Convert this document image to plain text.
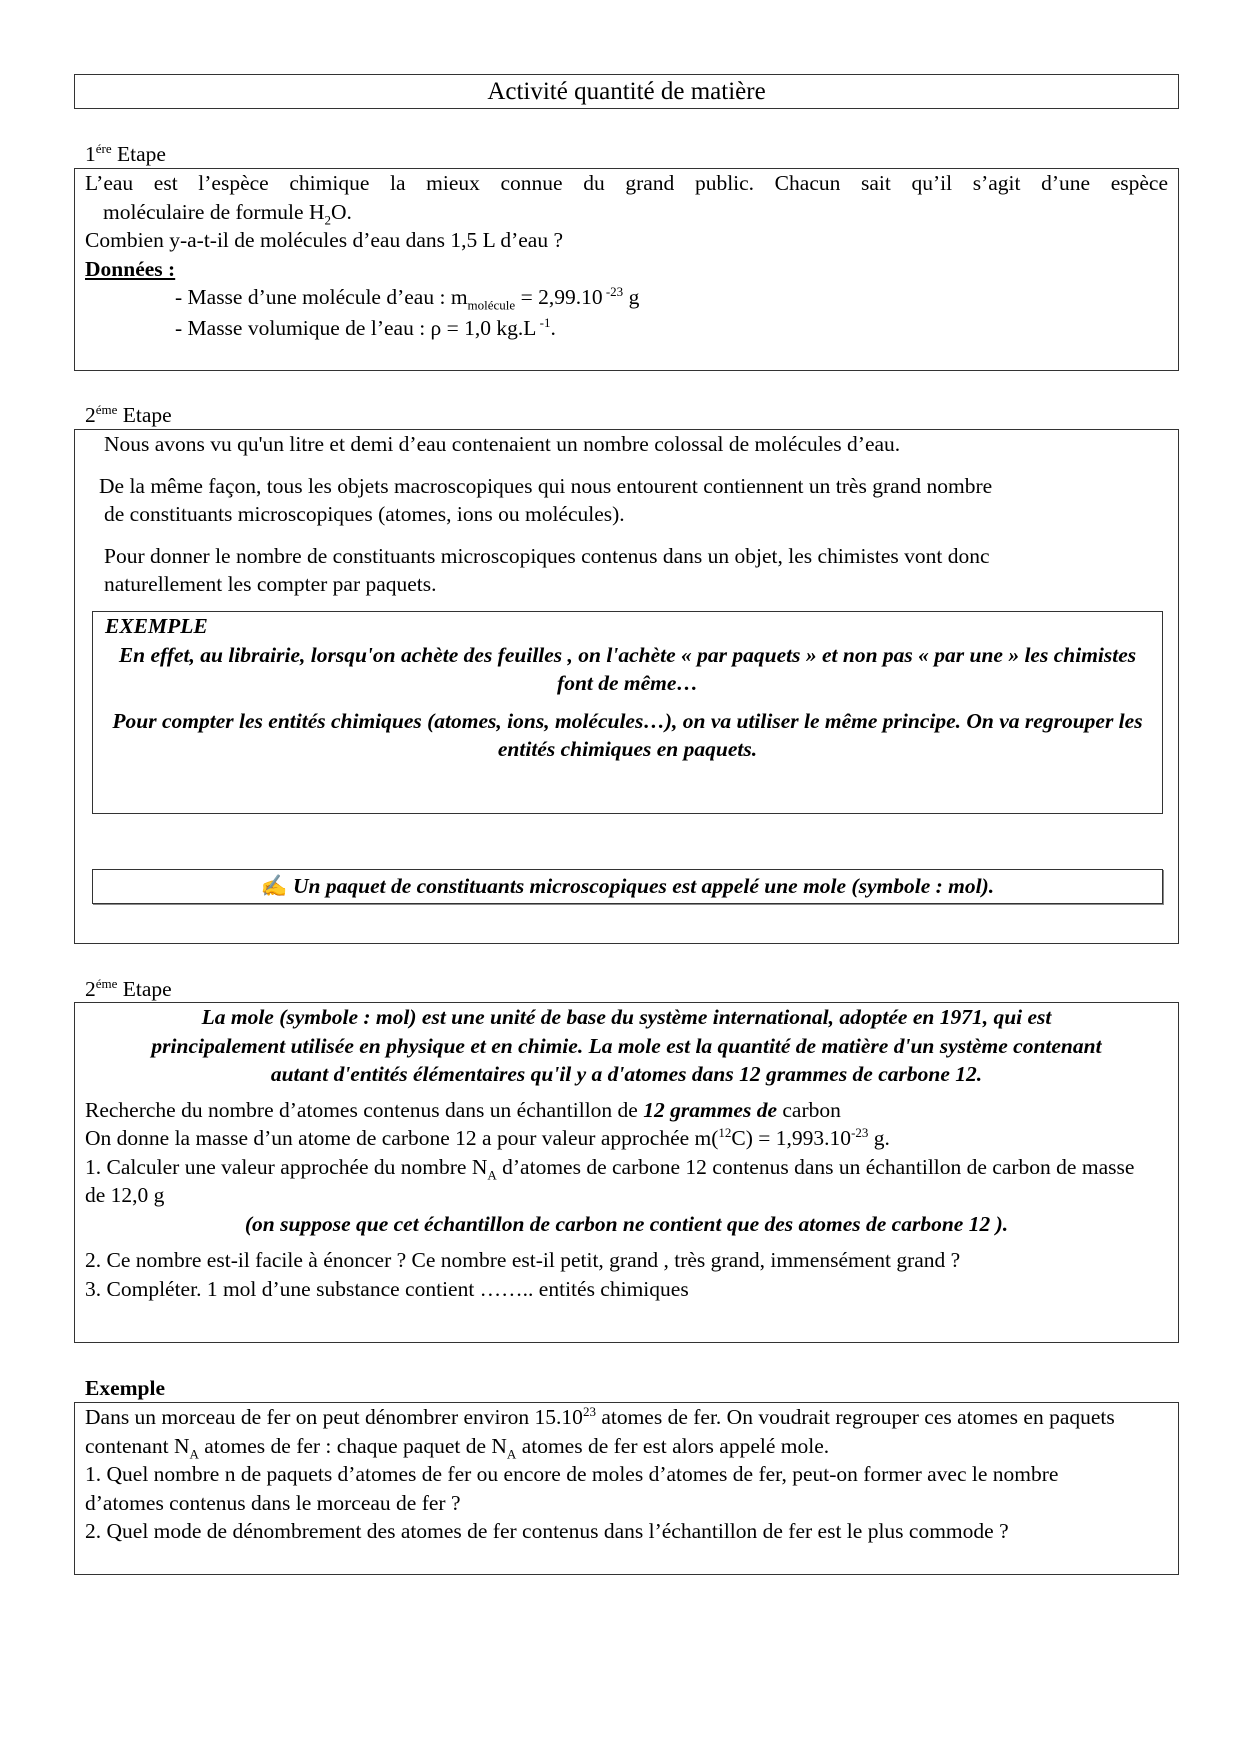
Activité quantité de matière
$1^{ére}$ Etape

L’eau est l’espèce chimique la mieux connue du grand public. Chacun sait qu’il s’agit d’une espèce

moléculaire de formule $H_2O$.

Combien y-a-t-il de molécules d’eau dans 1,5 L d’eau ?

Données :

- Masse d’une molécule d’eau : $m_{molécule} = 2,99.10$ $^{-23}$ g

- Masse volumique de l’eau : ρ = 1,0 kg.L $^{-1}$.

$2^{éme}$ Etape

Nous avons vu qu'un litre et demi d’eau contenaient un nombre colossal de molécules d’eau.

De la même façon, tous les objets macroscopiques qui nous entourent contiennent un très grand nombre

de constituants microscopiques (atomes, ions ou molécules).

Pour donner le nombre de constituants microscopiques contenus dans un objet, les chimistes vont donc

naturellement les compter par paquets.

EXEMPLE

En effet, au librairie, lorsqu'on achète des feuilles , on l'achète « par paquets » et non pas « par une » les chimistes font de même…

Pour compter les entités chimiques (atomes, ions, molécules…), on va utiliser le même principe. On va regrouper les entités chimiques en paquets.

✍ Un paquet de constituants microscopiques est appelé une mole (symbole : mol).
$2^{éme}$ Etape

La mole (symbole : mol) est une unité de base du système international, adoptée en 1971, qui est principalement utilisée en physique et en chimie. La mole est la quantité de matière d'un système contenant autant d'entités élémentaires qu'il y a d'atomes dans 12 grammes de carbone 12.

Recherche du nombre d’atomes contenus dans un échantillon de 12 grammes de carbon

On donne la masse d’un atome de carbone 12 a pour valeur approchée $m(^{12}C) = 1,993.10^{-23}$ g.

1. Calculer une valeur approchée du nombre $N_A$ d’atomes de carbone 12 contenus dans un échantillon de carbon de masse de 12,0 g

(on suppose que cet échantillon de carbon ne contient que des atomes de carbone 12 ).

2. Ce nombre est-il facile à énoncer ? Ce nombre est-il petit, grand , très grand, immensément grand ?

3. Compléter. 1 mol d’une substance contient …….. entités chimiques

Exemple

Dans un morceau de fer on peut dénombrer environ 15.10$^{23}$ atomes de fer. On voudrait regrouper ces atomes en paquets contenant $N_A$ atomes de fer : chaque paquet de $N_A$ atomes de fer est alors appelé mole.

1. Quel nombre n de paquets d’atomes de fer ou encore de moles d’atomes de fer, peut-on former avec le nombre d’atomes contenus dans le morceau de fer ?

2. Quel mode de dénombrement des atomes de fer contenus dans l’échantillon de fer est le plus commode ?
